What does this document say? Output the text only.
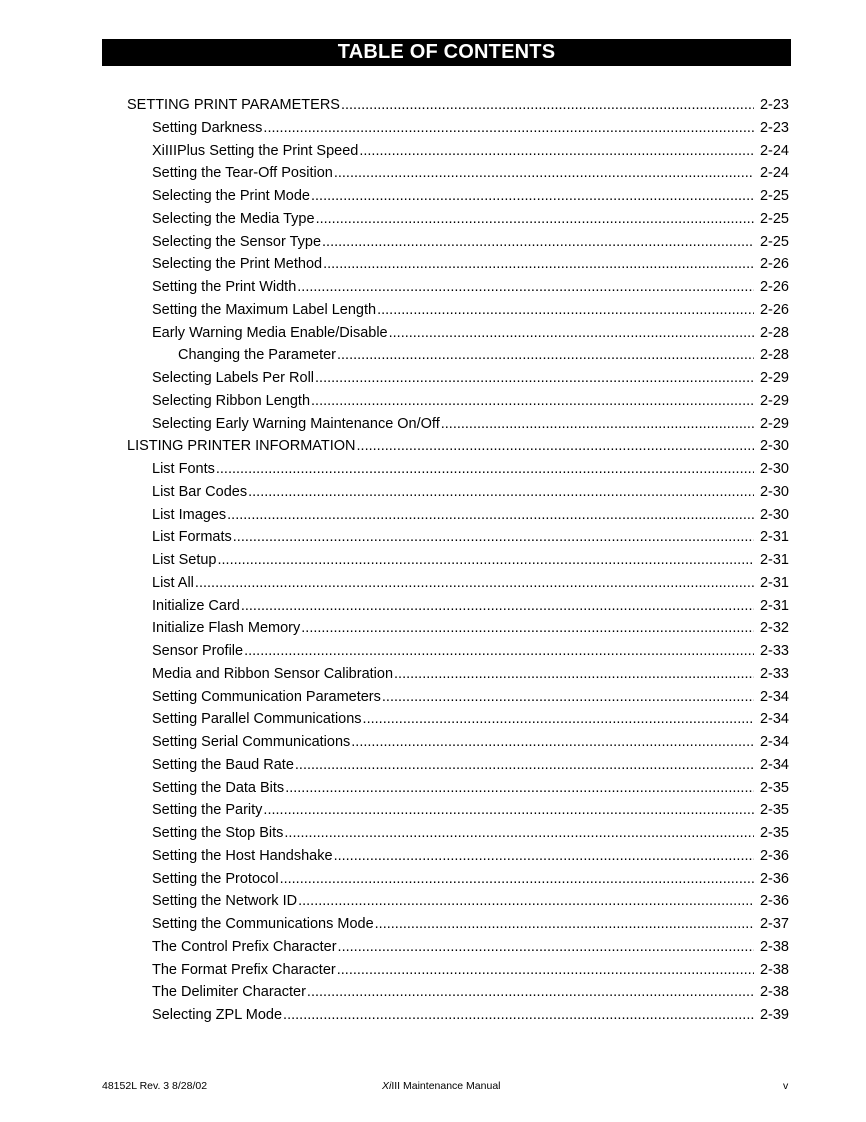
TABLE OF CONTENTS
SETTING PRINT PARAMETERS .....	2-23
Setting Darkness .....	2-23
XiIIIPlus Setting the Print Speed .....	2-24
Setting the Tear-Off Position .....	2-24
Selecting the Print Mode .....	2-25
Selecting the Media Type .....	2-25
Selecting the Sensor Type .....	2-25
Selecting the Print Method .....	2-26
Setting the Print Width .....	2-26
Setting the Maximum Label Length .....	2-26
Early Warning Media Enable/Disable .....	2-28
Changing the Parameter .....	2-28
Selecting Labels Per Roll .....	2-29
Selecting Ribbon Length .....	2-29
Selecting Early Warning Maintenance On/Off .....	2-29
LISTING PRINTER INFORMATION .....	2-30
List Fonts .....	2-30
List Bar Codes .....	2-30
List Images .....	2-30
List Formats .....	2-31
List Setup .....	2-31
List All .....	2-31
Initialize Card .....	2-31
Initialize Flash Memory .....	2-32
Sensor Profile .....	2-33
Media and Ribbon Sensor Calibration .....	2-33
Setting Communication Parameters .....	2-34
Setting Parallel Communications .....	2-34
Setting Serial Communications .....	2-34
Setting the Baud Rate .....	2-34
Setting the Data Bits .....	2-35
Setting the Parity .....	2-35
Setting the Stop Bits .....	2-35
Setting the Host Handshake .....	2-36
Setting the Protocol .....	2-36
Setting the Network ID .....	2-36
Setting the Communications Mode .....	2-37
The Control Prefix Character .....	2-38
The Format Prefix Character .....	2-38
The Delimiter Character .....	2-38
Selecting ZPL Mode .....	2-39
48152L Rev. 3 8/28/02	XiIII Maintenance Manual	v
